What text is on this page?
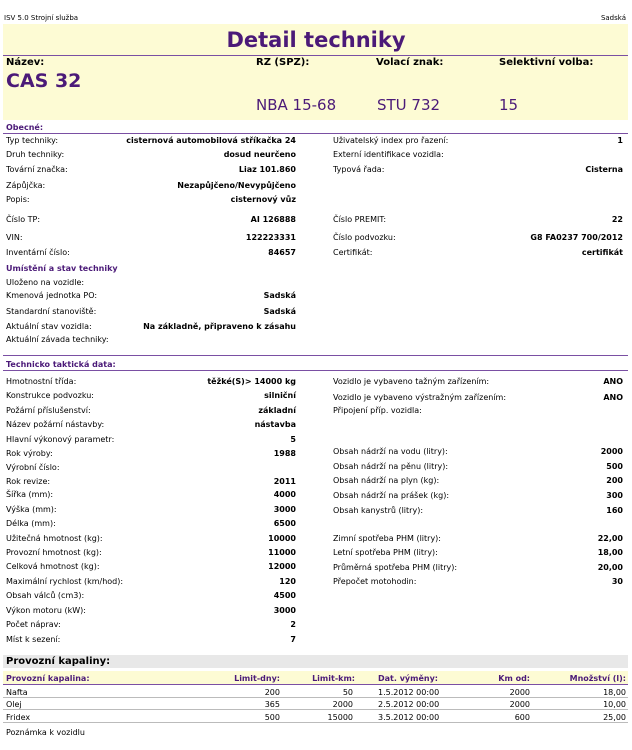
ISV 5.0 Strojní služba	Sadská
Detail techniky
Název:	RZ (SPZ):	Volací znak:	Selektivní volba:
CAS 32
NBA 15-68	STU 732	15
Obecné:
Typ techniky:	cisternová automobilová stříkačka 24
Druh techniky:	dosud neurčeno
Tovární značka:	Liaz 101.860
Zápůjčka:	Nezapůjčeno/Nevypůjčeno
Popis:	cisternový vůz
Číslo TP:	AI 126888
VIN:	122223331
Inventární číslo:	84657
Uživatelský index pro řazení:	1
Externí identifikace vozidla:
Typová řada:	Cisterna
Číslo PREMIT:	22
Číslo podvozku:	G8 FA0237 700/2012
Certifikát:	certifikát
Umístění a stav techniky
Uloženo na vozidle:
Kmenová jednotka PO:	Sadská
Standardní stanoviště:	Sadská
Aktuální stav vozidla:	Na základně, připraveno k zásahu
Aktuální závada techniky:
Technicko taktická data:
Hmotnostní třída:	těžké(S)> 14000 kg
Konstrukce podvozku:	silniční
Požární příslušenství:	základní
Název požární nástavby:	nástavba
Hlavní výkonový parametr:	5
Rok výroby:	1988
Výrobní číslo:
Rok revize:	2011
Šířka (mm):	4000
Výška (mm):	3000
Délka (mm):	6500
Užitečná hmotnost (kg):	10000
Provozní hmotnost (kg):	11000
Celková hmotnost (kg):	12000
Maximální rychlost (km/hod):	120
Obsah válců (cm3):	4500
Výkon motoru (kW):	3000
Počet náprav:	2
Míst k sezení:	7
Vozidlo je vybaveno tažným zařízením:	ANO
Vozidlo je vybaveno výstražným zařízením:	ANO
Připojení příp. vozidla:
Obsah nádrží na vodu (litry):	2000
Obsah nádrží na pěnu (litry):	500
Obsah nádrží na plyn (kg):	200
Obsah nádrží na prášek (kg):	300
Obsah kanystrů (litry):	160
Zimní spotřeba PHM (litry):	22,00
Letní spotřeba PHM (litry):	18,00
Průměrná spotřeba PHM (litry):	20,00
Přepočet motohodin:	30
Provozní kapaliny:
Provozní kapalina:	Limit-dny:	Limit-km:	Dat. výměny:	Km od:	Množství (l):
Nafta	200	50	1.5.2012 00:00	2000	18,00
Olej	365	2000	2.5.2012 00:00	2000	10,00
Fridex	500	15000	3.5.2012 00:00	600	25,00
Poznámka k vozidlu
